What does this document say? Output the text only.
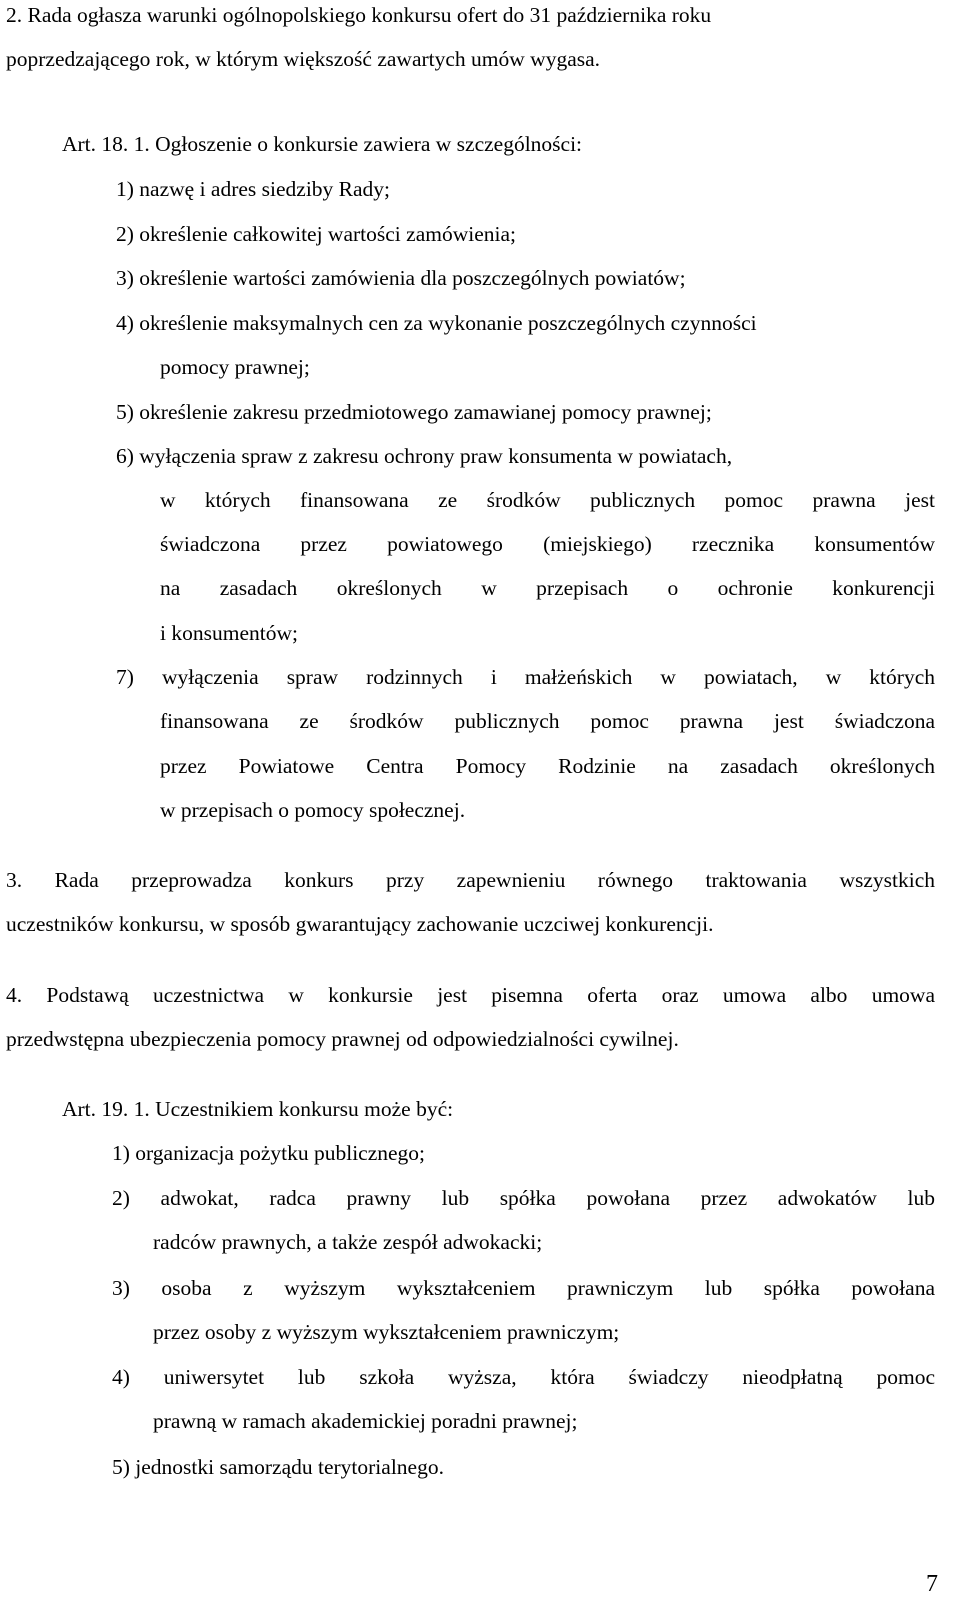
2. Rada ogłasza warunki ogólnopolskiego konkursu ofert do 31 października roku
poprzedzającego rok, w którym większość zawartych umów wygasa.
Art. 18. 1. Ogłoszenie o konkursie zawiera w szczególności:
1) nazwę i adres siedziby Rady;
2) określenie całkowitej wartości zamówienia;
3) określenie wartości zamówienia dla poszczególnych powiatów;
4) określenie maksymalnych cen za wykonanie poszczególnych czynności
pomocy prawnej;
5) określenie zakresu przedmiotowego zamawianej pomocy prawnej;
6) wyłączenia spraw z zakresu ochrony praw konsumenta w powiatach,
w których finansowana ze środków publicznych pomoc prawna jest
świadczona przez powiatowego (miejskiego) rzecznika konsumentów
na zasadach określonych w przepisach o ochronie konkurencji
i konsumentów;
7) wyłączenia spraw rodzinnych i małżeńskich w powiatach, w których
finansowana ze środków publicznych pomoc prawna jest świadczona
przez Powiatowe Centra Pomocy Rodzinie na zasadach określonych
w przepisach o pomocy społecznej.
3. Rada przeprowadza konkurs przy zapewnieniu równego traktowania wszystkich
uczestników konkursu, w sposób gwarantujący zachowanie uczciwej konkurencji.
4. Podstawą uczestnictwa w konkursie jest pisemna oferta oraz umowa albo umowa
przedwstępna ubezpieczenia pomocy prawnej od odpowiedzialności cywilnej.
Art. 19. 1. Uczestnikiem konkursu może być:
1) organizacja pożytku publicznego;
2) adwokat, radca prawny lub spółka powołana przez adwokatów lub
radców prawnych, a także zespół adwokacki;
3) osoba z wyższym wykształceniem prawniczym lub spółka powołana
przez osoby z wyższym wykształceniem prawniczym;
4) uniwersytet lub szkoła wyższa, która świadczy nieodpłatną pomoc
prawną w ramach akademickiej poradni prawnej;
5) jednostki samorządu terytorialnego.
7
